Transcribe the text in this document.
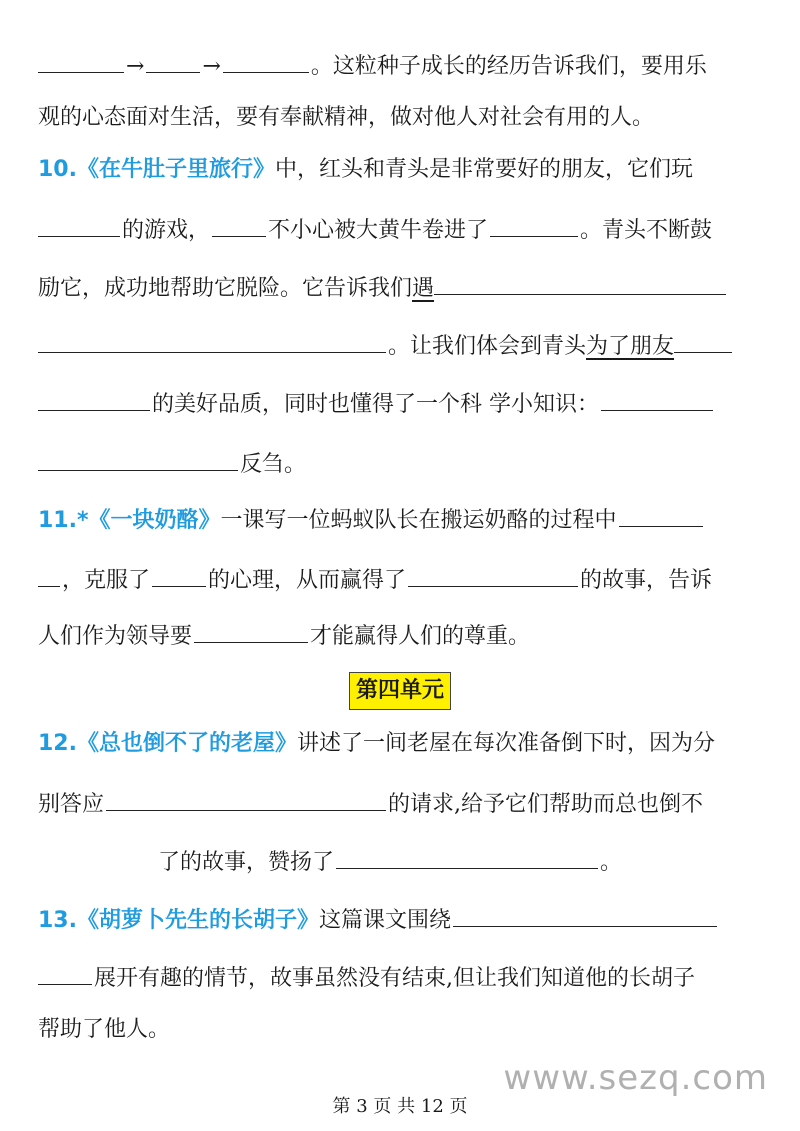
→	→	。这粒种子成长的经历告诉我们，要用乐
观的心态面对生活，要有奉献精神，做对他人对社会有用的人。
10.《在牛肚子里旅行》中，红头和青头是非常要好的朋友，它们玩
的游戏，	不小心被大黄牛卷进了	。青头不断鼓
励它，成功地帮助它脱险。它告诉我们遇
。让我们体会到青头为了朋友
的美好品质，同时也懂得了一个科 学小知识：
反刍。
11.*《一块奶酪》一课写一位蚂蚁队长在搬运奶酪的过程中
，克服了	的心理，从而赢得了	的故事，告诉
人们作为领导要	才能赢得人们的尊重。
第四单元
12.《总也倒不了的老屋》讲述了一间老屋在每次准备倒下时，因为分
别答应	的请求,给予它们帮助而总也倒不
了的故事，赞扬了	。
13.《胡萝卜先生的长胡子》这篇课文围绕
展开有趣的情节，故事虽然没有结束,但让我们知道他的长胡子
帮助了他人。
www.sezq.com
第 3 页 共 12 页
